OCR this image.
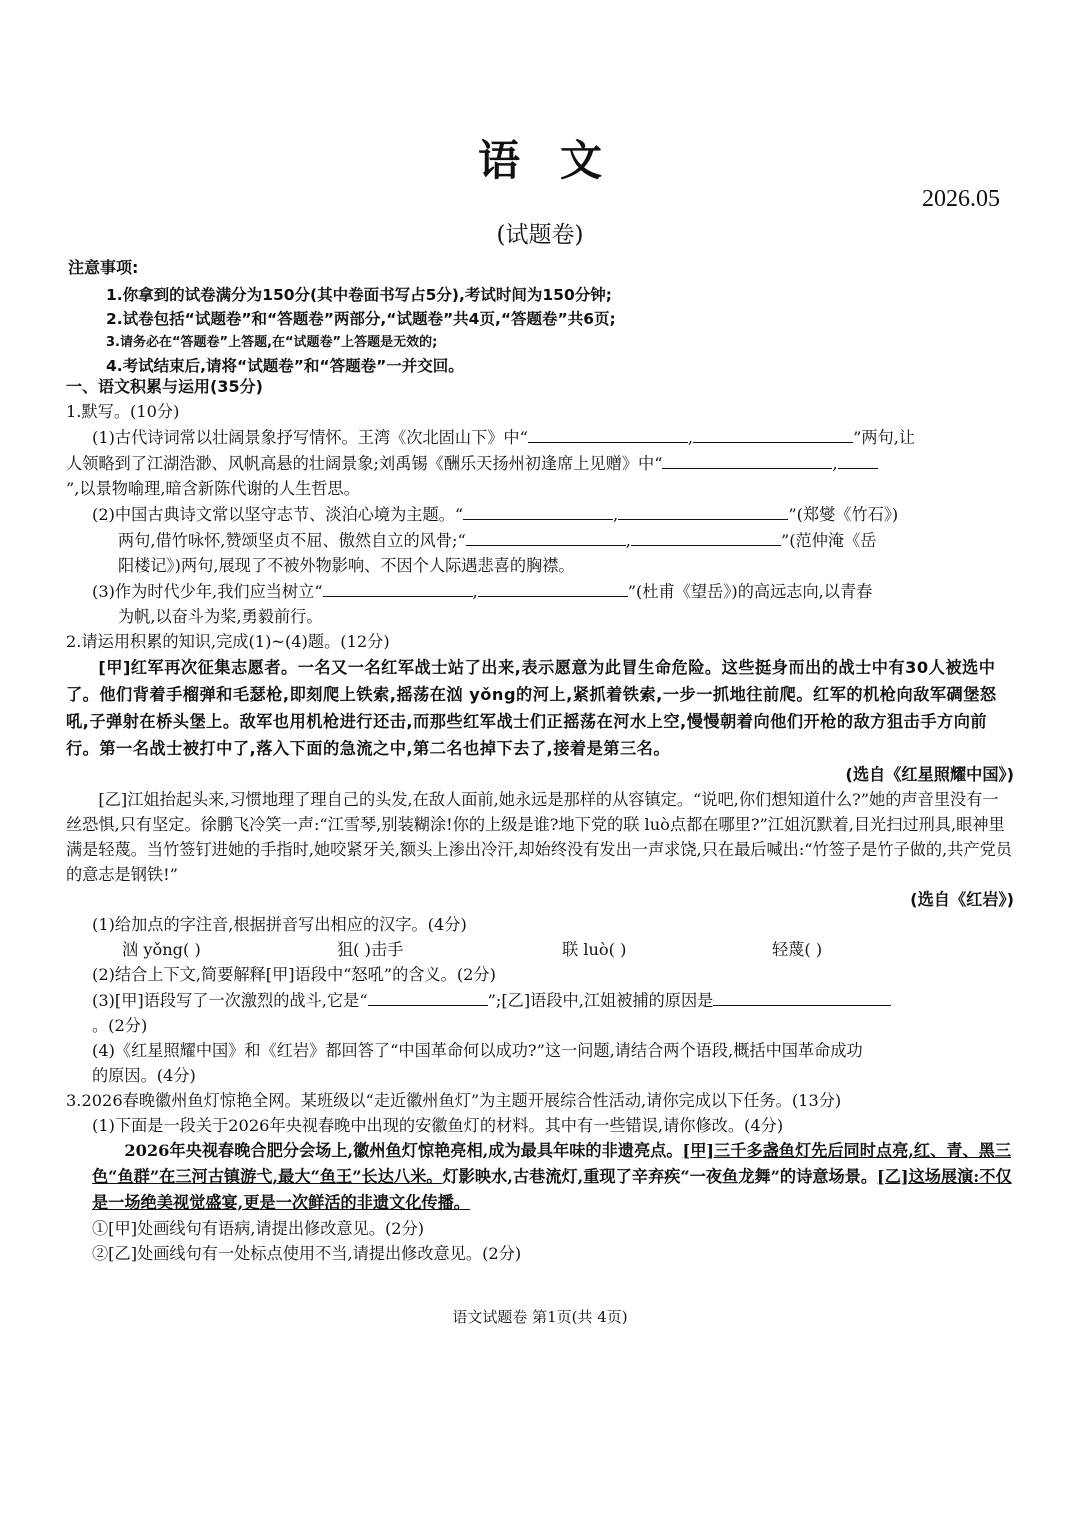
语文
2026.05
(试题卷)
注意事项:
1.你拿到的试卷满分为150分(其中卷面书写占5分),考试时间为150分钟;
2.试卷包括“试题卷”和“答题卷”两部分,“试题卷”共4页,“答题卷”共6页;
3.请务必在“答题卷”上答题,在“试题卷”上答题是无效的;
4.考试结束后,请将“试题卷”和“答题卷”一并交回。
一、语文积累与运用(35分)
1.默写。(10分)
(1)古代诗词常以壮阔景象抒写情怀。王湾《次北固山下》中“	,	”两句,让
人领略到了江湖浩渺、风帆高悬的壮阔景象;刘禹锡《酬乐天扬州初逢席上见赠》中“	,
”,以景物喻理,暗含新陈代谢的人生哲思。
(2)中国古典诗文常以坚守志节、淡泊心境为主题。“	,	”(郑燮《竹石》)
两句,借竹咏怀,赞颂坚贞不屈、傲然自立的风骨;“	,	”(范仲淹《岳
阳楼记》)两句,展现了不被外物影响、不因个人际遇悲喜的胸襟。
(3)作为时代少年,我们应当树立“	,	”(杜甫《望岳》)的高远志向,以青春
为帆,以奋斗为桨,勇毅前行。
2.请运用积累的知识,完成(1)~(4)题。(12分)
[甲]红军再次征集志愿者。一名又一名红军战士站了出来,表示愿意为此冒生命危险。这些挺身而出的战士中有30人被选中了。他们背着手榴弹和毛瑟枪,即刻爬上铁索,摇荡在汹 yǒng的河上,紧抓着铁索,一步一抓地往前爬。红军的机枪向敌军碉堡怒吼,子弹射在桥头堡上。敌军也用机枪进行还击,而那些红军战士们正摇荡在河水上空,慢慢朝着向他们开枪的敌方狙击手方向前行。第一名战士被打中了,落入下面的急流之中,第二名也掉下去了,接着是第三名。
(选自《红星照耀中国》)
[乙]江姐抬起头来,习惯地理了理自己的头发,在敌人面前,她永远是那样的从容镇定。“说吧,你们想知道什么?”她的声音里没有一丝恐惧,只有坚定。徐鹏飞冷笑一声:“江雪琴,别装糊涂!你的上级是谁?地下党的联 luò点都在哪里?”江姐沉默着,目光扫过刑具,眼神里满是轻蔑。当竹签钉进她的手指时,她咬紧牙关,额头上渗出冷汗,却始终没有发出一声求饶,只在最后喊出:“竹签子是竹子做的,共产党员的意志是钢铁!”
(选自《红岩》)
(1)给加点的字注音,根据拼音写出相应的汉字。(4分)
汹 yǒng( )	狙( )击手	联 luò( )	轻蔑( )
(2)结合上下文,简要解释[甲]语段中“怒吼”的含义。(2分)
(3)[甲]语段写了一次激烈的战斗,它是“	”;[乙]语段中,江姐被捕的原因是
。(2分)
(4)《红星照耀中国》和《红岩》都回答了“中国革命何以成功?”这一问题,请结合两个语段,概括中国革命成功
的原因。(4分)
3.2026春晚徽州鱼灯惊艳全网。某班级以“走近徽州鱼灯”为主题开展综合性活动,请你完成以下任务。(13分)
(1)下面是一段关于2026年央视春晚中出现的安徽鱼灯的材料。其中有一些错误,请你修改。(4分)
2026年央视春晚合肥分会场上,徽州鱼灯惊艳亮相,成为最具年味的非遗亮点。[甲]三千多盏鱼灯先后同时点亮,红、青、黑三色“鱼群”在三河古镇游弋,最大“鱼王”长达八米。灯影映水,古巷流灯,重现了辛弃疾“一夜鱼龙舞”的诗意场景。[乙]这场展演:不仅是一场绝美视觉盛宴,更是一次鲜活的非遗文化传播。
①[甲]处画线句有语病,请提出修改意见。(2分)
②[乙]处画线句有一处标点使用不当,请提出修改意见。(2分)
语文试题卷 第1页(共 4页)
